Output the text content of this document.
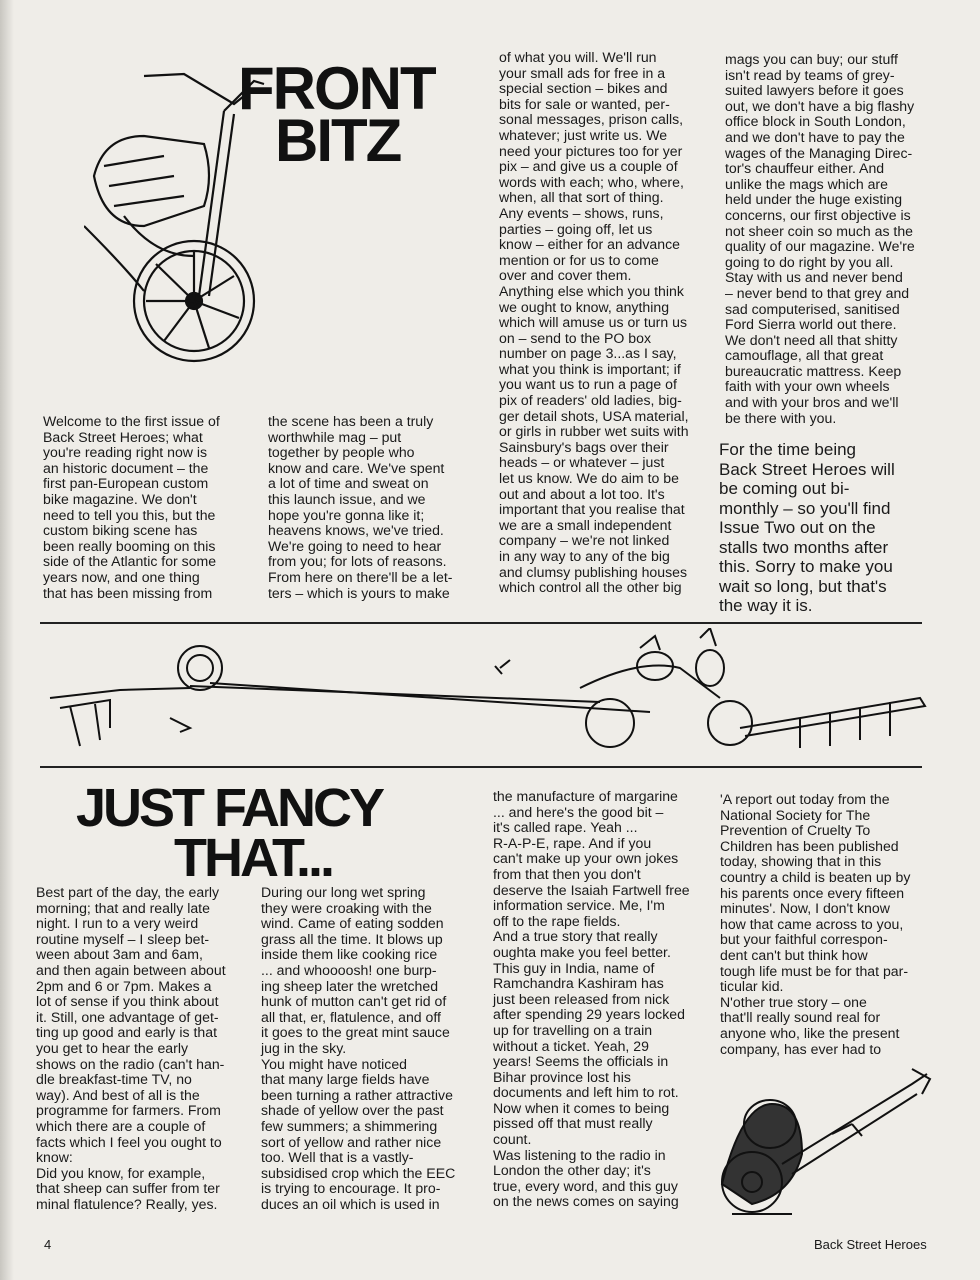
FRONT
BITZ

Welcome to the first issue of
Back Street Heroes; what
you're reading right now is
an historic document – the
first pan-European custom
bike magazine. We don't
need to tell you this, but the
custom biking scene has
been really booming on this
side of the Atlantic for some
years now, and one thing
that has been missing from

the scene has been a truly
worthwhile mag – put
together by people who
know and care. We've spent
a lot of time and sweat on
this launch issue, and we
hope you're gonna like it;
heavens knows, we've tried.
We're going to need to hear
from you; for lots of reasons.
From here on there'll be a let-
ters – which is yours to make

of what you will. We'll run
your small ads for free in a
special section – bikes and
bits for sale or wanted, per-
sonal messages, prison calls,
whatever; just write us. We
need your pictures too for yer
pix – and give us a couple of
words with each; who, where,
when, all that sort of thing.
Any events – shows, runs,
parties – going off, let us
know – either for an advance
mention or for us to come
over and cover them.
Anything else which you think
we ought to know, anything
which will amuse us or turn us
on – send to the PO box
number on page 3...as I say,
what you think is important; if
you want us to run a page of
pix of readers' old ladies, big-
ger detail shots, USA material,
or girls in rubber wet suits with
Sainsbury's bags over their
heads – or whatever – just
let us know. We do aim to be
out and about a lot too. It's
important that you realise that
we are a small independent
company – we're not linked
in any way to any of the big
and clumsy publishing houses
which control all the other big

mags you can buy; our stuff
isn't read by teams of grey-
suited lawyers before it goes
out, we don't have a big flashy
office block in South London,
and we don't have to pay the
wages of the Managing Direc-
tor's chauffeur either. And
unlike the mags which are
held under the huge existing
concerns, our first objective is
not sheer coin so much as the
quality of our magazine. We're
going to do right by you all.
Stay with us and never bend
– never bend to that grey and
sad computerised, sanitised
Ford Sierra world out there.
We don't need all that shitty
camouflage, all that great
bureaucratic mattress. Keep
faith with your own wheels
and with your bros and we'll
be there with you.

For the time being
Back Street Heroes will
be coming out bi-
monthly – so you'll find
Issue Two out on the
stalls two months after
this. Sorry to make you
wait so long, but that's
the way it is.

JUST FANCY
THAT...

Best part of the day, the early
morning; that and really late
night. I run to a very weird
routine myself – I sleep bet-
ween about 3am and 6am,
and then again between about
2pm and 6 or 7pm. Makes a
lot of sense if you think about
it. Still, one advantage of get-
ting up good and early is that
you get to hear the early
shows on the radio (can't han-
dle breakfast-time TV, no
way). And best of all is the
programme for farmers. From
which there are a couple of
facts which I feel you ought to
know:
Did you know, for example,
that sheep can suffer from ter
minal flatulence? Really, yes.

During our long wet spring
they were croaking with the
wind. Came of eating sodden
grass all the time. It blows up
inside them like cooking rice
... and whoooosh! one burp-
ing sheep later the wretched
hunk of mutton can't get rid of
all that, er, flatulence, and off
it goes to the great mint sauce
jug in the sky.
You might have noticed
that many large fields have
been turning a rather attractive
shade of yellow over the past
few summers; a shimmering
sort of yellow and rather nice
too. Well that is a vastly-
subsidised crop which the EEC
is trying to encourage. It pro-
duces an oil which is used in

the manufacture of margarine
... and here's the good bit –
it's called rape. Yeah ...
R-A-P-E, rape. And if you
can't make up your own jokes
from that then you don't
deserve the Isaiah Fartwell free
information service. Me, I'm
off to the rape fields.
And a true story that really
oughta make you feel better.
This guy in India, name of
Ramchandra Kashiram has
just been released from nick
after spending 29 years locked
up for travelling on a train
without a ticket. Yeah, 29
years! Seems the officials in
Bihar province lost his
documents and left him to rot.
Now when it comes to being
pissed off that must really
count.
Was listening to the radio in
London the other day; it's
true, every word, and this guy
on the news comes on saying

'A report out today from the
National Society for The
Prevention of Cruelty To
Children has been published
today, showing that in this
country a child is beaten up by
his parents once every fifteen
minutes'. Now, I don't know
how that came across to you,
but your faithful correspon-
dent can't but think how
tough life must be for that par-
ticular kid.
N'other true story – one
that'll really sound real for
anyone who, like the present
company, has ever had to

4	Back Street Heroes
